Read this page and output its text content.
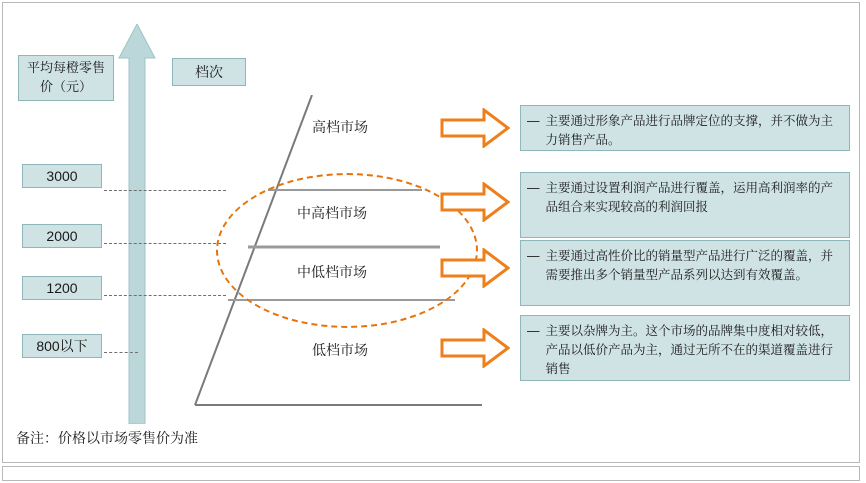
平均每橙零售价（元）
档次
3000
2000
1200
800以下
高档市场
中高档市场
中低档市场
低档市场
— 主要通过形象产品进行品牌定位的支撑，并不做为主力销售产品。
— 主要通过设置利润产品进行覆盖，运用高利润率的产品组合来实现较高的利润回报
— 主要通过高性价比的销量型产品进行广泛的覆盖，并需要推出多个销量型产品系列以达到有效覆盖。
— 主要以杂牌为主。这个市场的品牌集中度相对较低，产品以低价产品为主，通过无所不在的渠道覆盖进行销售
备注：价格以市场零售价为准
